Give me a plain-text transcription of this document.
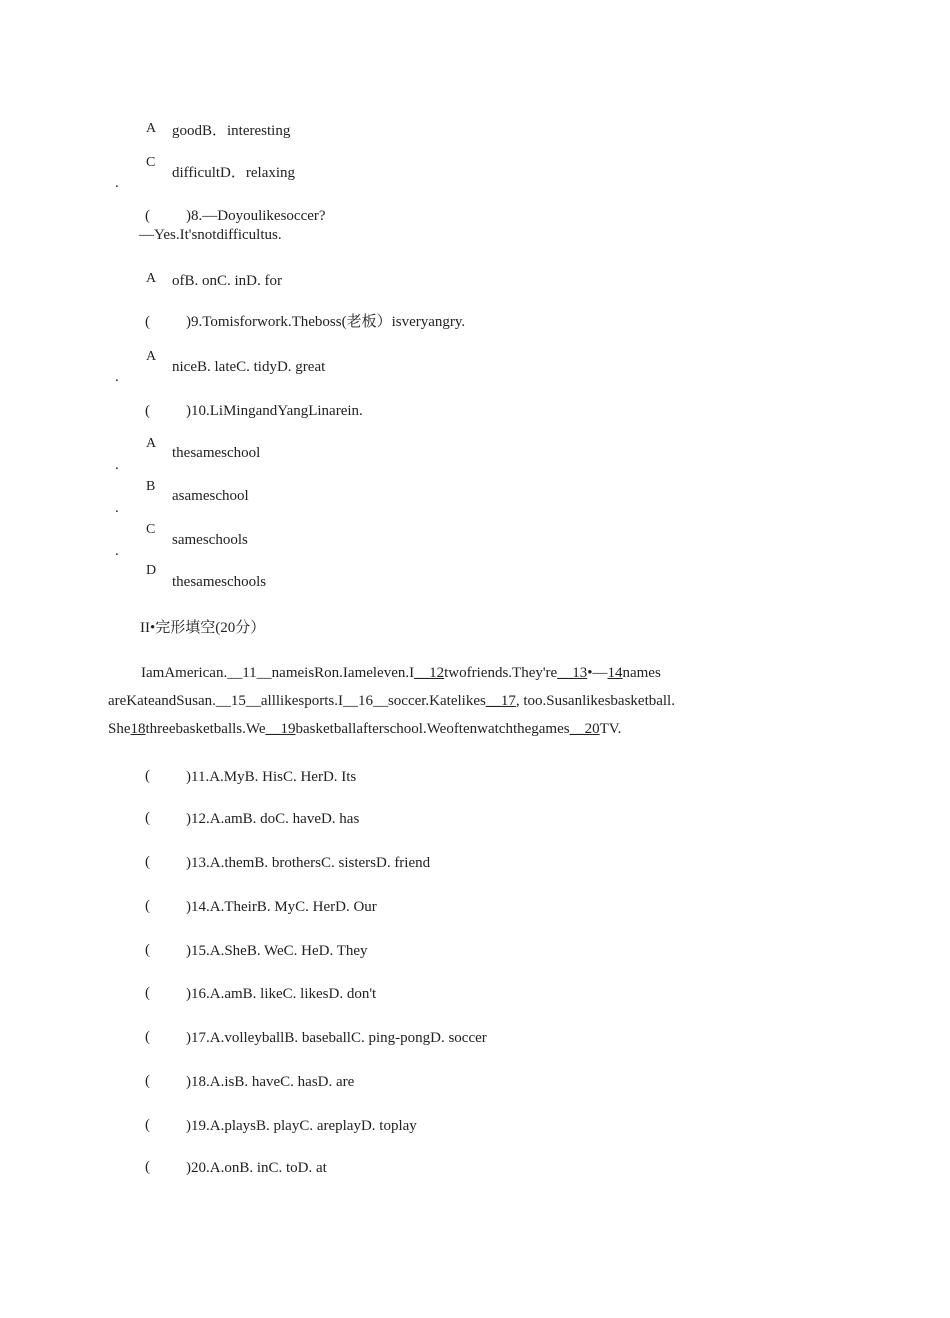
A goodB．interesting
C
difficultD．relaxing
.
( )8.—Doyoulikesoccer?
—Yes.It'snotdifficultus.
A ofB. onC. inD. for
( )9.Tomisforwork.Theboss(老板）isveryangry.
A
niceB. lateC. tidyD. great
.
( )10.LiMingandYangLinarein.
A
thesameschool
.
B
asameschool
.
C
sameschools
.
D
thesameschools
II•完形填空(20分）
IamAmerican.__11__nameisRon.Iameleven.I__12twofriends.They're__13•—14names
areKateandSusan.__15__alllikesports.I__16__soccer.Katelikes__17, too.Susanlikesbasketball.
She18threebasketballs.We__19basketballafterschool.Weoftenwatchthegames__20TV.
( )11.A.MyB. HisC. HerD. Its
( )12.A.amB. doC. haveD. has
( )13.A.themB. brothersC. sistersD. friend
( )14.A.TheirB. MyC. HerD. Our
( )15.A.SheB. WeC. HeD. They
( )16.A.amB. likeC. likesD. don't
( )17.A.volleyballB. baseballC. ping-pongD. soccer
( )18.A.isB. haveC. hasD. are
( )19.A.playsB. playC. areplayD. toplay
( )20.A.onB. inC. toD. at
